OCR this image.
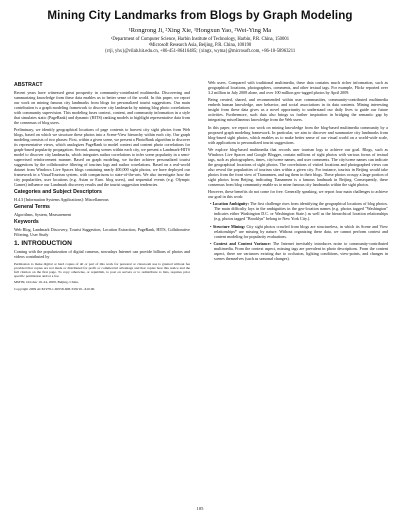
Mining City Landmarks from Blogs by Graph Modeling
¹Rongrong Ji, ²Xing Xie, ¹Hongxun Yao, ²Wei-Ying Ma
¹Department of Computer Science, Harbin Institute of Technology, Harbin, P.R. China, 150001
²Microsoft Research Asia, Beijing, P.R. China, 100190
{rrji, yhx}@vilab.hit.edu.cn, +86-451-86416485; {xingx, wyma}@microsoft.com, +86-10-58963211
ABSTRACT

Recent years have witnessed great prosperity in community-contributed multimedia. Discovering and summarizing knowledge from these data enables us to better sense of the world. In this paper, we report our work on mining famous city landmarks from blogs for personalized tourist suggestions. Our main contribution is a graph modeling framework to discover city landmarks by mining blog photo correlations with community supervision. This modeling fuses context, content, and community information in a style that simulates static (PageRank) and dynamic (HITS) ranking models to highlight representative data from the consensus of blog users.

Preliminary, we identify geographical locations of page contents to harvest city sight photos from Web blogs, based on which we structure these photos into a Scene-View hierarchy within each city. Our graph modeling consists of two phases: First, within a given scene, we present a PhotoRank algorithm to discover its representative views, which analogizes PageRank to model context and content photo correlations for graph-based popularity propagation. Second, among scenes within each city, we present a Landmark-HITS model to discover city landmarks, which integrates author correlations to infer scene popularity in a semi-supervised reinforcement manner. Based on graph modeling, we further achieve personalized tourist suggestions by the collaborative filtering of tourism logs and author correlations. Based on a real-world dataset from Windows Live Spaces blogs containing nearly 400,000 sight photos, we have deployed our framework in a VisualTourism system, with comparisons to state-of-the-arts. We also investigate how the city popularities, user locations (e.g. Asian or Euro. blog users), and sequential events (e.g. Olympic Games) influence our Landmark discovery results and the tourist suggestion tendencies.

Categories and Subject Descriptors

H.4.3 [Information Systems Applications]: Miscellaneous

General Terms

Algorithms, System, Measurement

Keywords

Web Blog, Landmark Discovery, Tourist Suggestion, Location Extraction, PageRank, HITS, Collaborative Filtering, User Study

1. INTRODUCTION

Coming with the popularization of digital cameras, nowadays Internet can provide billions of photos and videos contributed by

Permission to make digital or hard copies of all or part of this work for personal or classroom use is granted without fee provided that copies are not made or distributed for profit or commercial advantage and that copies bear this notice and the full citation on the first page. To copy otherwise, or republish, to post on servers or to redistribute to lists, requires prior specific permission and/or a fee.

MM'09, October 19–24, 2009, Beijing, China.

Copyright 2009 ACM 978-1-60558-608-3/09/10...$10.00.

Web users. Compared with traditional multimedia, these data contains much richer information, such as geographical locations, photographers, comments, and other textual tags. For example, Flickr reported over 3.2 million in July 2008 alone, and over 100 million geo-tagged photos by April 2009.

Being created, shared, and recommended within user communities, community-contributed multimedia embeds human knowledge, user behavior, and social associations in its data contents. Mining interesting insight from these data gives us a novel opportunity to understand our daily lives to guide our future activities. Furthermore, such data also brings us further inspiration in bridging the semantic gap by integrating miscellaneous knowledge from the Web users.

In this paper, we report our work on mining knowledge from the blog-based multimedia community by a proposed graph modeling framework. In particular, we aim to discover and summarize city landmarks from blog-based sight photos, which enables us to make better sense of our visual world on a world-wide scale, with applications to personalized tourist suggestions.

We explore blog-based multimedia that records user tourism logs to achieve our goal. Blogs, such as Windows Live Spaces and Google Blogger, contain millions of sight photos with various forms of textual tags, such as photographers, times, city/scene names, and user comments. The city/scene names can indicate the geographical locations of sight photos. The correlations of visited locations and photographed views can also reveal the popularities of tourism sites within a given city. For instance, tourists in Beijing would take photos from the front view of Tiananmen, and tag them in their blogs. These photos occupy a large portion of sight photos from Beijing, indicating Tiananmen is a famous landmark in Beijing. Consequently, these consensus from blog community enable us to mine famous city landmarks within the sight photos.

However, these benefits do not come for free. Generally speaking, we report four main challenges to achieve our goal in this work:

• Location Ambiguity: The first challenge rises from identifying the geographical locations of blog photos. The main difficulty lays in the ambiguities in the geo-location names (e.g. photos tagged "Washington" indicates either Washington D.C. or Washington State.) as well as the hierarchical location relationships (e.g. photos tagged "Brooklyn" belong to New York City.).

• Structure Mining: City sight photos crawled from blogs are structureless, in which its Scene and View relationships* are missing by nature. Without organizing these data, we cannot perform context and content modeling for popularity evaluations.

• Context and Content Variance: The Internet inevitably introduces noise to community-contributed multimedia. From the context aspect, missing tags are prevalent in photo descriptions. From the content aspect, there are variances existing due to occlusion, lighting conditions, view-points, and changes in scenes themselves (such as seasonal changes).

105
